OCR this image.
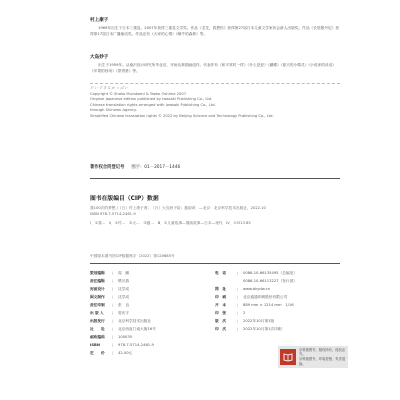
村上康子
1969年出生于日本三重县。2007年获得三重县文学奖。作品《龙龙，我想你》获得第27届日本儿童文学家协会新人出版奖。作品《长尾猴丹尼》获得第17届日本广播童话奖。作品还有《大家的心情》《蜗牛的森林》等。
大岛妙子
出生于1959年。从桑沢设计研究所毕业后，开始从事插画创作。代表作有《和平常时一样》《什么是爱》《蝴蝶》《夏天的小精灵》《小说家的谈话》《苹果的妙用》《蒙塔基》等。
だいすきなかっぱい
Copyright © Shoko Murakami & Taeko Oshima 2007
Original Japanese edition published by Iwasaki Publishing Co., Ltd.
Chinese translation rights arranged with Iwasaki Publishing Co., Ltd.
through Shinwon Agency.
Simplified Chinese translation rights © 2022 by Beijing Science and Technology Publishing Co., Ltd.
著作权合同登记号 　 图字：01－2017－1446
图书在版编目（CIP）数据
我100次的梦想 /（日）村上康子著；（日）大岛妙子绘；慈韵译．—北京：北京科学技术出版社，2022.10
ISBN 978-7-5714-2461-9
Ⅰ．①我…　Ⅱ．①村…　②大…　③慈…　Ⅲ．①儿童故事—图画故事—日本—现代　Ⅳ．①I313.85
中国版本图书馆CIP数据核字（2022）第120685号
策划编辑	|	周　鹏	电　话	|	0086-10-66135495（总编室）
责任编辑	|	樊川燕	0086-10-66113227（发行部）
封面设计	|	沈学成	网　址	|	www.bkydw.cn
图文制作	|	沈学成	印　刷	|	北京盛通印刷股份有限公司
责任印制	|	张　良	开　本	|	889 mm × 1214 mm　1/16
出 版 人	|	曾庆宇	印　张	|	2
出版发行	|	北京科学技术出版社	版　次	|	2022年10月第1版
社　　址	|	北京西直门南大街16号	印　次	|	2022年10月第1次印刷
邮政编码	|	100035
ISBN	|	978-7-5714-2461-9
定　　价	|	42.00元
京科版图书，版权所有，侵权必究。
京科版图书，印装差错，负责退换。
